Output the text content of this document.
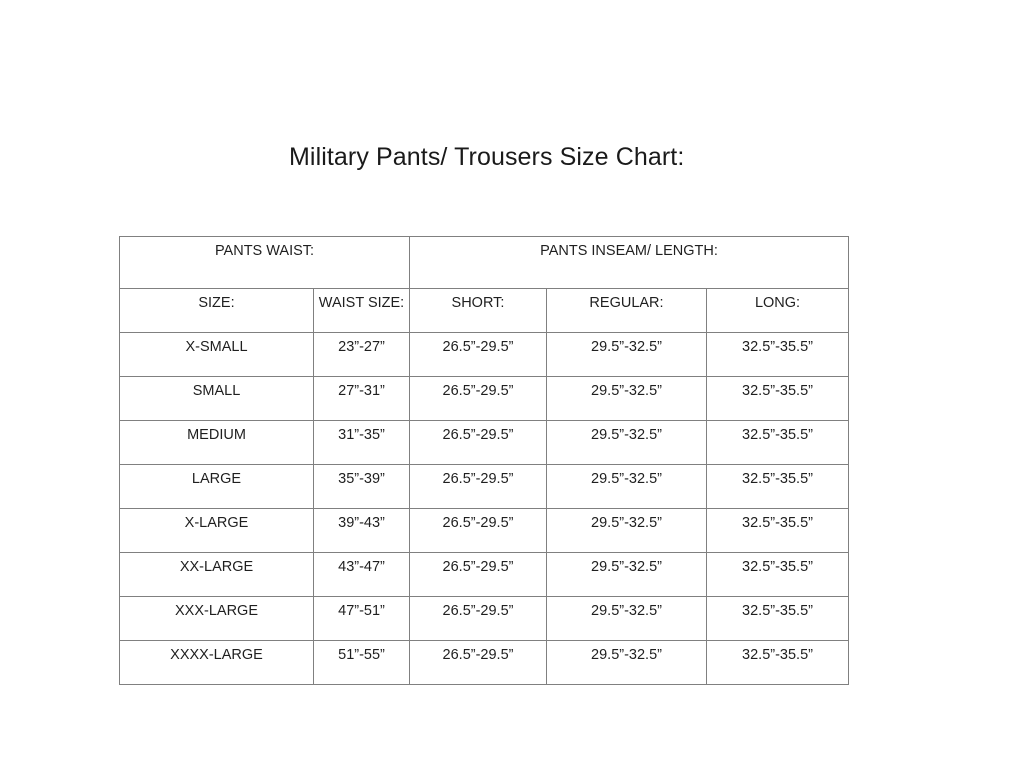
Military Pants/ Trousers Size Chart:
PANTS WAIST:		PANTS INSEAM/ LENGTH:		
SIZE:	WAIST SIZE:	SHORT:	REGULAR:	LONG:
X-SMALL	23”-27”	26.5”-29.5”	29.5”-32.5”	32.5”-35.5”
SMALL	27”-31”	26.5”-29.5”	29.5”-32.5”	32.5”-35.5”
MEDIUM	31”-35”	26.5”-29.5”	29.5”-32.5”	32.5”-35.5”
LARGE	35”-39”	26.5”-29.5”	29.5”-32.5”	32.5”-35.5”
X-LARGE	39”-43”	26.5”-29.5”	29.5”-32.5”	32.5”-35.5”
XX-LARGE	43”-47”	26.5”-29.5”	29.5”-32.5”	32.5”-35.5”
XXX-LARGE	47”-51”	26.5”-29.5”	29.5”-32.5”	32.5”-35.5”
XXXX-LARGE	51”-55”	26.5”-29.5”	29.5”-32.5”	32.5”-35.5”
